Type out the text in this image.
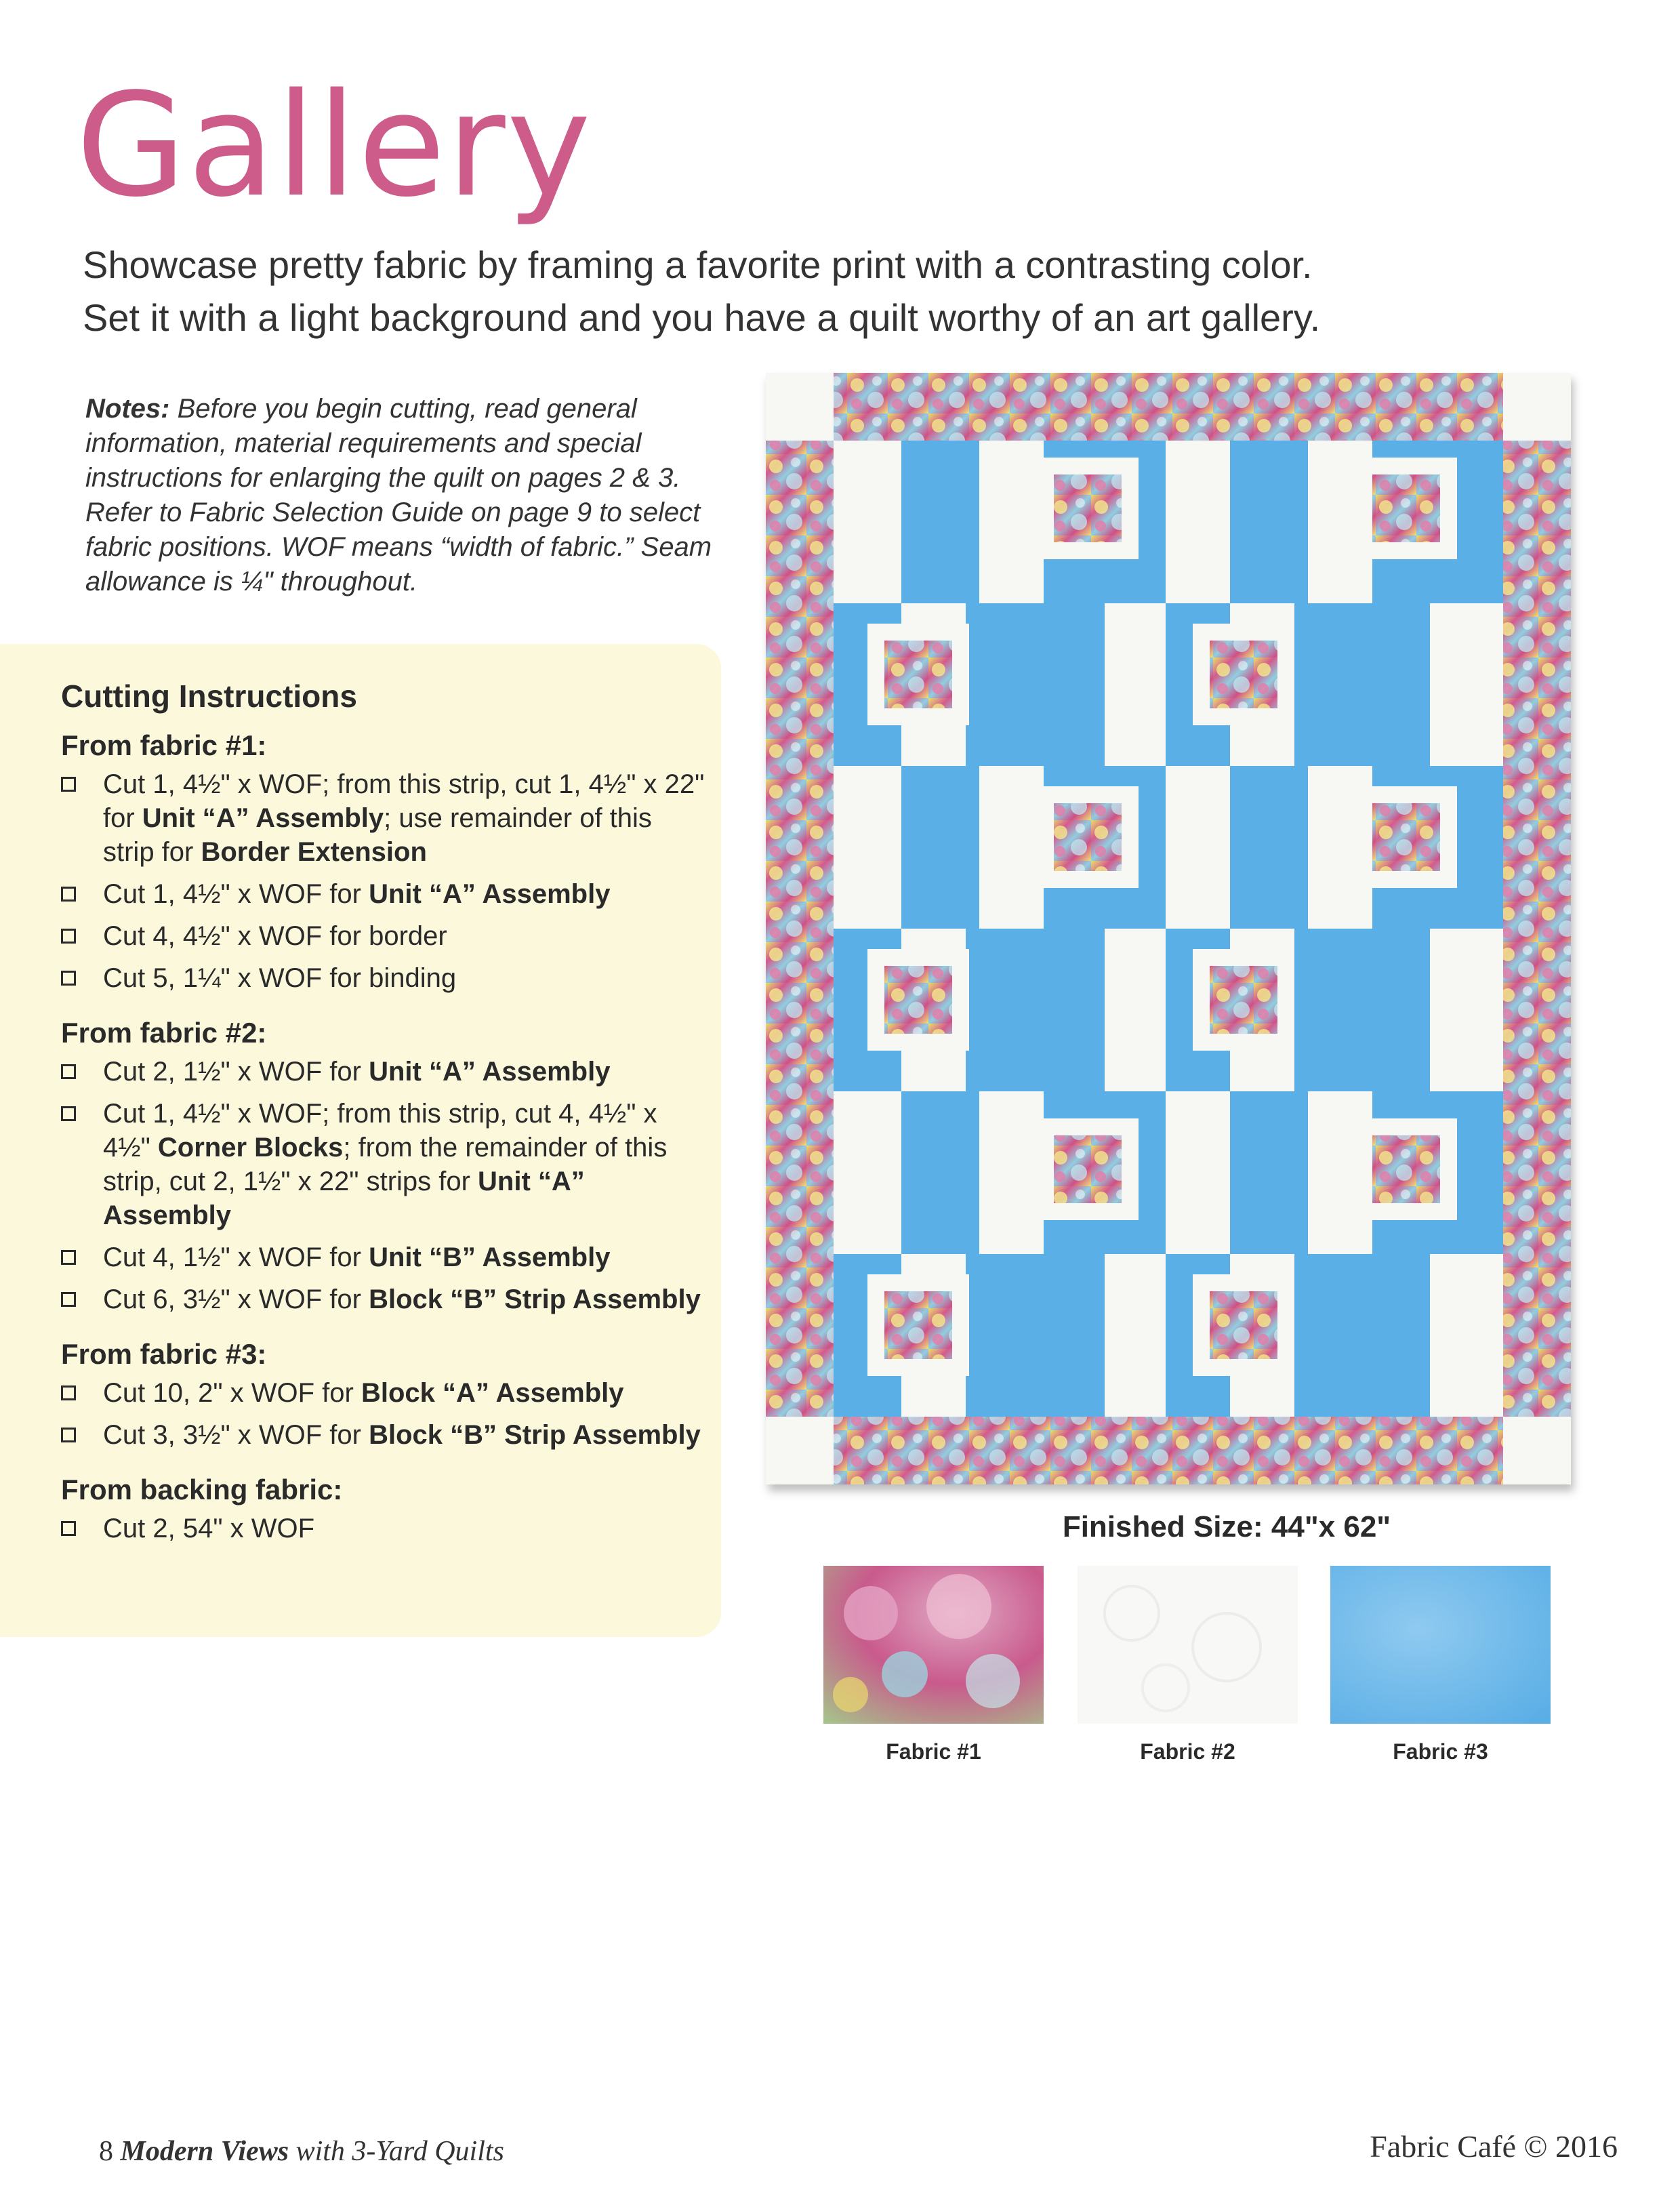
Gallery
Showcase pretty fabric by framing a favorite print with a contrasting color.
Set it with a light background and you have a quilt worthy of an art gallery.
Notes: Before you begin cutting, read general information, material requirements and special instructions for enlarging the quilt on pages 2 & 3. Refer to Fabric Selection Guide on page 9 to select fabric positions. WOF means “width of fabric.” Seam allowance is ¼" throughout.
Cutting Instructions
From fabric #1:
Cut 1, 4½" x WOF; from this strip, cut 1, 4½" x 22" for Unit “A” Assembly; use remainder of this strip for Border Extension
Cut 1, 4½" x WOF for Unit “A” Assembly
Cut 4, 4½" x WOF for border
Cut 5, 1¼" x WOF for binding
From fabric #2:
Cut 2, 1½" x WOF for Unit “A” Assembly
Cut 1, 4½" x WOF; from this strip, cut 4, 4½" x 4½" Corner Blocks; from the remainder of this strip, cut 2, 1½" x 22" strips for Unit “A” Assembly
Cut 4, 1½" x WOF for Unit “B” Assembly
Cut 6, 3½" x WOF for Block “B” Strip Assembly
From fabric #3:
Cut 10, 2" x WOF for Block “A” Assembly
Cut 3, 3½" x WOF for Block “B” Strip Assembly
From backing fabric:
Cut 2, 54" x WOF	Finished Size: 44"x 62"
Fabric #1	Fabric #2	Fabric #3
8 Modern Views with 3-Yard Quilts	Fabric Café © 2016
